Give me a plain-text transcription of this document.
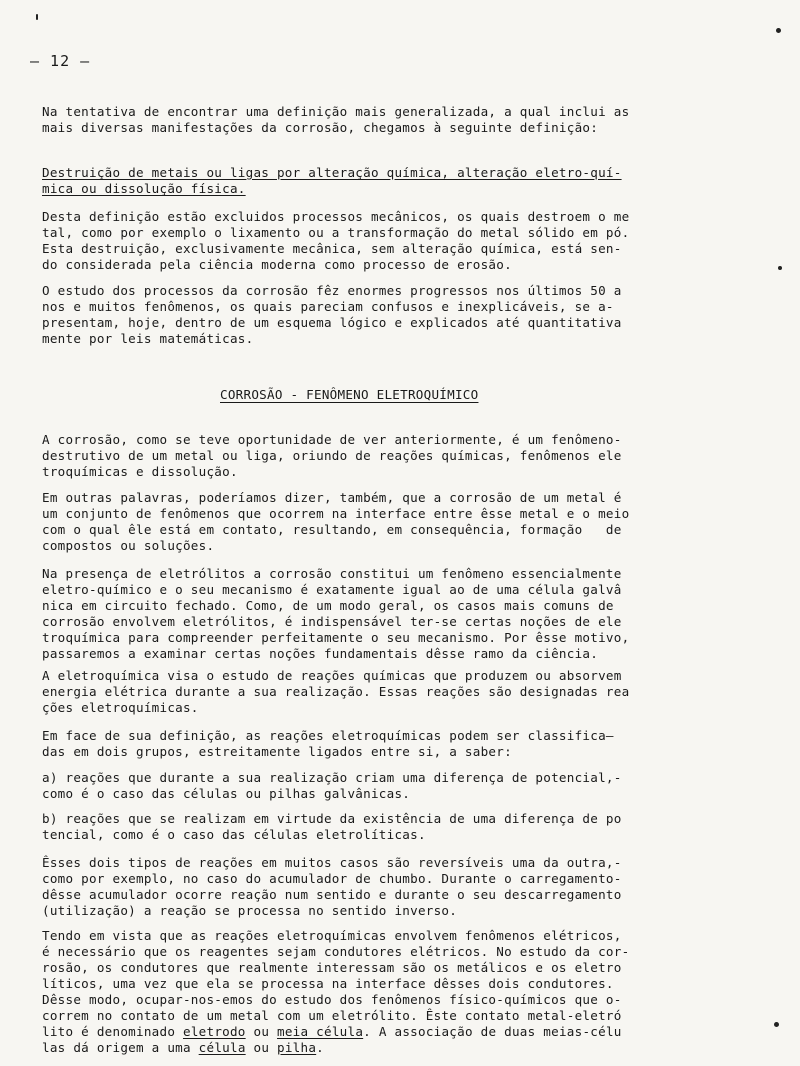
— 12 —
Na tentativa de encontrar uma definição mais generalizada, a qual inclui as
mais diversas manifestações da corrosão, chegamos à seguinte definição:
Destruição de metais ou ligas por alteração química, alteração eletro-quí-
mica ou dissolução física.
Desta definição estão excluidos processos mecânicos, os quais destroem o me
tal, como por exemplo o lixamento ou a transformação do metal sólido em pó.
Esta destruição, exclusivamente mecânica, sem alteração química, está sen-
do considerada pela ciência moderna como processo de erosão.
O estudo dos processos da corrosão fêz enormes progressos nos últimos 50 a
nos e muitos fenômenos, os quais pareciam confusos e inexplicáveis, se a-
presentam, hoje, dentro de um esquema lógico e explicados até quantitativa
mente por leis matemáticas.
CORROSÃO - FENÔMENO ELETROQUÍMICO
A corrosão, como se teve oportunidade de ver anteriormente, é um fenômeno-
destrutivo de um metal ou liga, oriundo de reações químicas, fenômenos ele
troquímicas e dissolução.
Em outras palavras, poderíamos dizer, também, que a corrosão de um metal é
um conjunto de fenômenos que ocorrem na interface entre êsse metal e o meio
com o qual êle está em contato, resultando, em consequência, formação   de
compostos ou soluções.
Na presença de eletrólitos a corrosão constitui um fenômeno essencialmente
eletro-químico e o seu mecanismo é exatamente igual ao de uma célula galvâ
nica em circuito fechado. Como, de um modo geral, os casos mais comuns de
corrosão envolvem eletrólitos, é indispensável ter-se certas noções de ele
troquímica para compreender perfeitamente o seu mecanismo. Por êsse motivo,
passaremos a examinar certas noções fundamentais dêsse ramo da ciência.
A eletroquímica visa o estudo de reações químicas que produzem ou absorvem
energia elétrica durante a sua realização. Essas reações são designadas rea
ções eletroquímicas.
Em face de sua definição, as reações eletroquímicas podem ser classifica—
das em dois grupos, estreitamente ligados entre si, a saber:
a) reações que durante a sua realização criam uma diferença de potencial,-
como é o caso das células ou pilhas galvânicas.
b) reações que se realizam em virtude da existência de uma diferença de po
tencial, como é o caso das células eletrolíticas.
Êsses dois tipos de reações em muitos casos são reversíveis uma da outra,-
como por exemplo, no caso do acumulador de chumbo. Durante o carregamento-
dêsse acumulador ocorre reação num sentido e durante o seu descarregamento
(utilização) a reação se processa no sentido inverso.
Tendo em vista que as reações eletroquímicas envolvem fenômenos elétricos,
é necessário que os reagentes sejam condutores elétricos. No estudo da cor-
rosão, os condutores que realmente interessam são os metálicos e os eletro
líticos, uma vez que ela se processa na interface dêsses dois condutores.
Dêsse modo, ocupar-nos-emos do estudo dos fenômenos físico-químicos que o-
correm no contato de um metal com um eletrólito. Êste contato metal-eletró
lito é denominado eletrodo ou meia célula. A associação de duas meias-célu
las dá origem a uma célula ou pilha.
